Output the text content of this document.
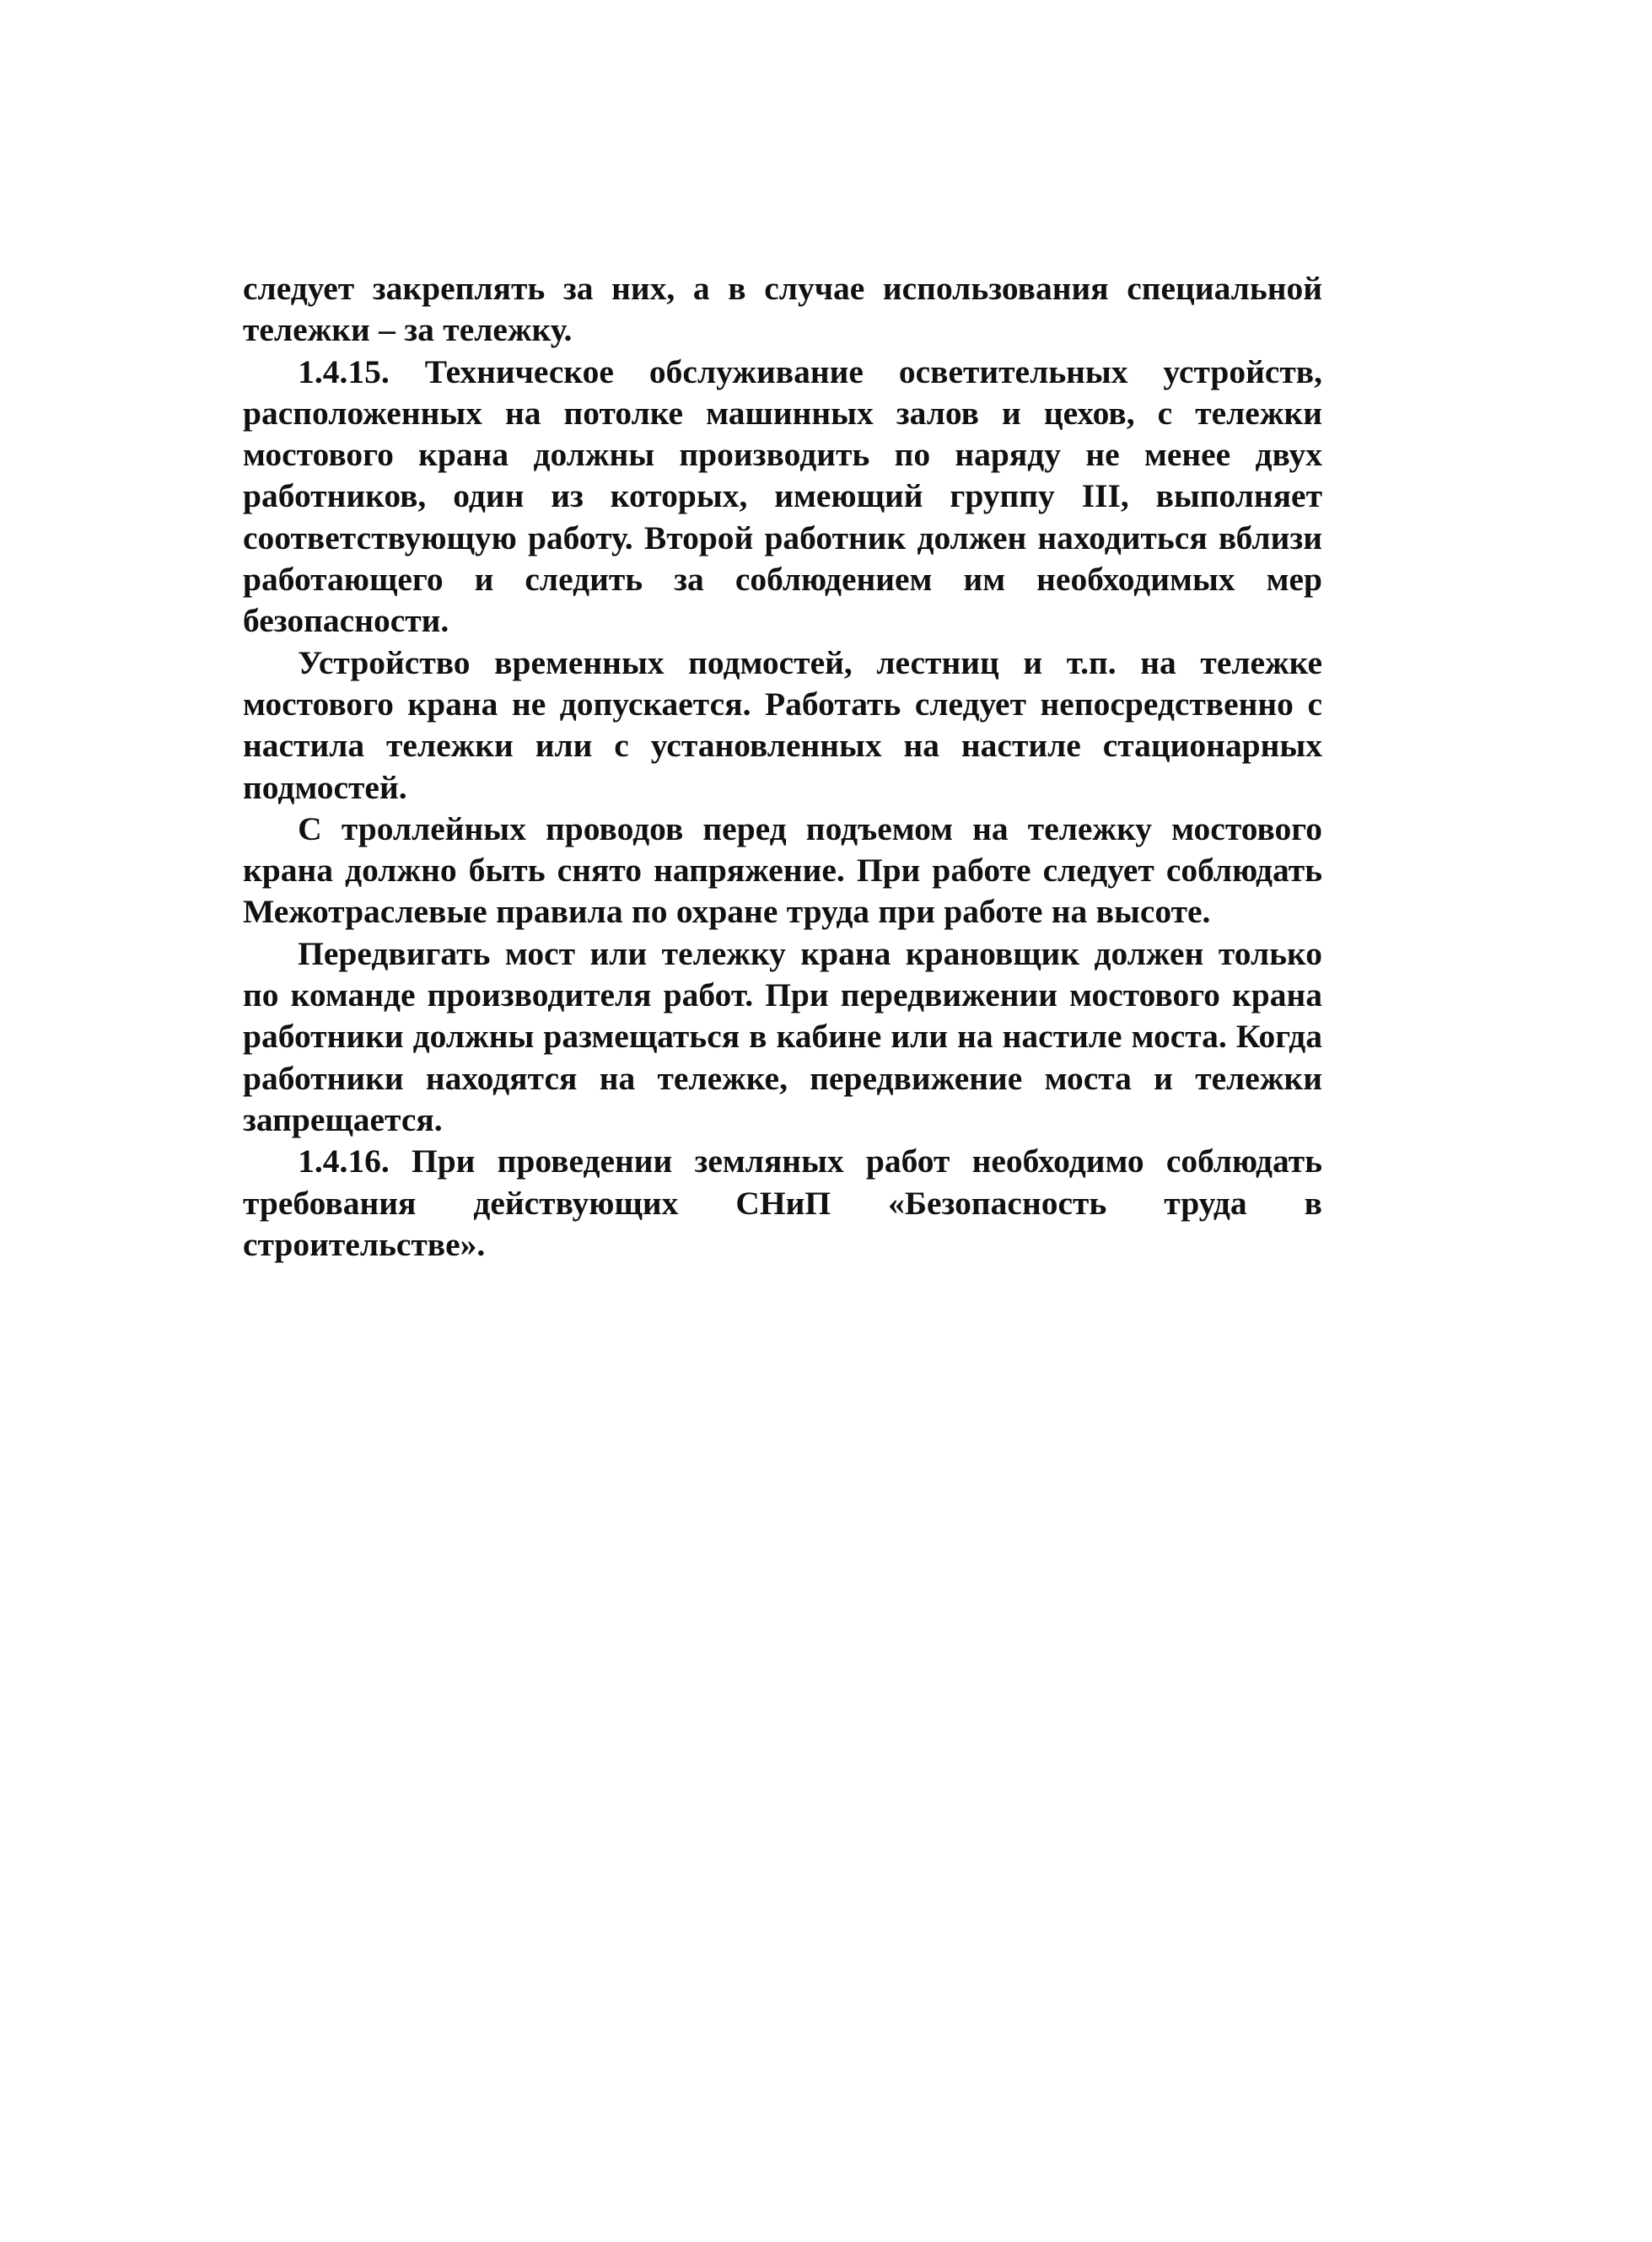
следует закреплять за них, а в случае использования специальной тележки – за тележку.

1.4.15. Техническое обслуживание осветительных устройств, расположенных на потолке машинных залов и цехов, с тележки мостового крана должны производить по наряду не менее двух работников, один из которых, имеющий группу III, выполняет соответствующую работу. Второй работник должен находиться вблизи работающего и следить за соблюдением им необходимых мер безопасности.

Устройство временных подмостей, лестниц и т.п. на тележке мостового крана не допускается. Работать следует непосредственно с настила тележки или с установленных на настиле стационарных подмостей.

С троллейных проводов перед подъемом на тележку мостового крана должно быть снято напряжение. При работе следует соблюдать Межотраслевые правила по охране труда при работе на высоте.

Передвигать мост или тележку крана крановщик должен только по команде производителя работ. При передвижении мостового крана работники должны размещаться в кабине или на настиле моста. Когда работники находятся на тележке, передвижение моста и тележки запрещается.

1.4.16. При проведении земляных работ необходимо соблюдать требования действующих СНиП «Безопасность труда в строительстве».
